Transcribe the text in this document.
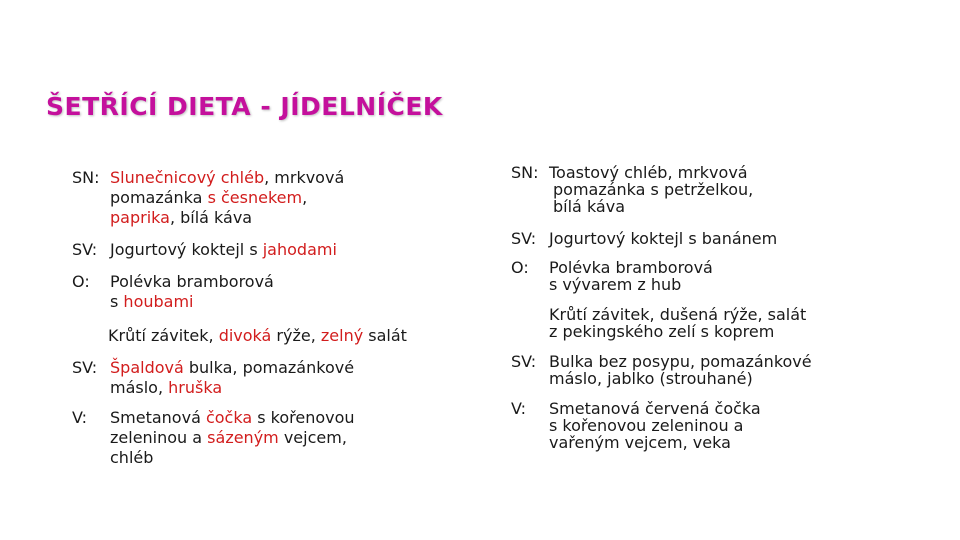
ŠETŘÍCÍ DIETA - JÍDELNÍČEK
SN: Slunečnicový chléb, mrkvová
pomazánka s česnekem,
paprika, bílá káva
SV: Jogurtový koktejl s jahodami
O: Polévka bramborová
s houbami
Krůtí závitek, divoká rýže, zelný salát
SV: Špaldová bulka, pomazánkové
máslo, hruška
V: Smetanová čočka s kořenovou
zeleninou a sázeným vejcem,
chléb
SN: Toastový chléb, mrkvová
pomazánka s petrželkou,
bílá káva
SV: Jogurtový koktejl s banánem
O: Polévka bramborová
s vývarem z hub
Krůtí závitek, dušená rýže, salát
z pekingského zelí s koprem
SV: Bulka bez posypu, pomazánkové
máslo, jablko (strouhané)
V: Smetanová červená čočka
s kořenovou zeleninou a
vařeným vejcem, veka
